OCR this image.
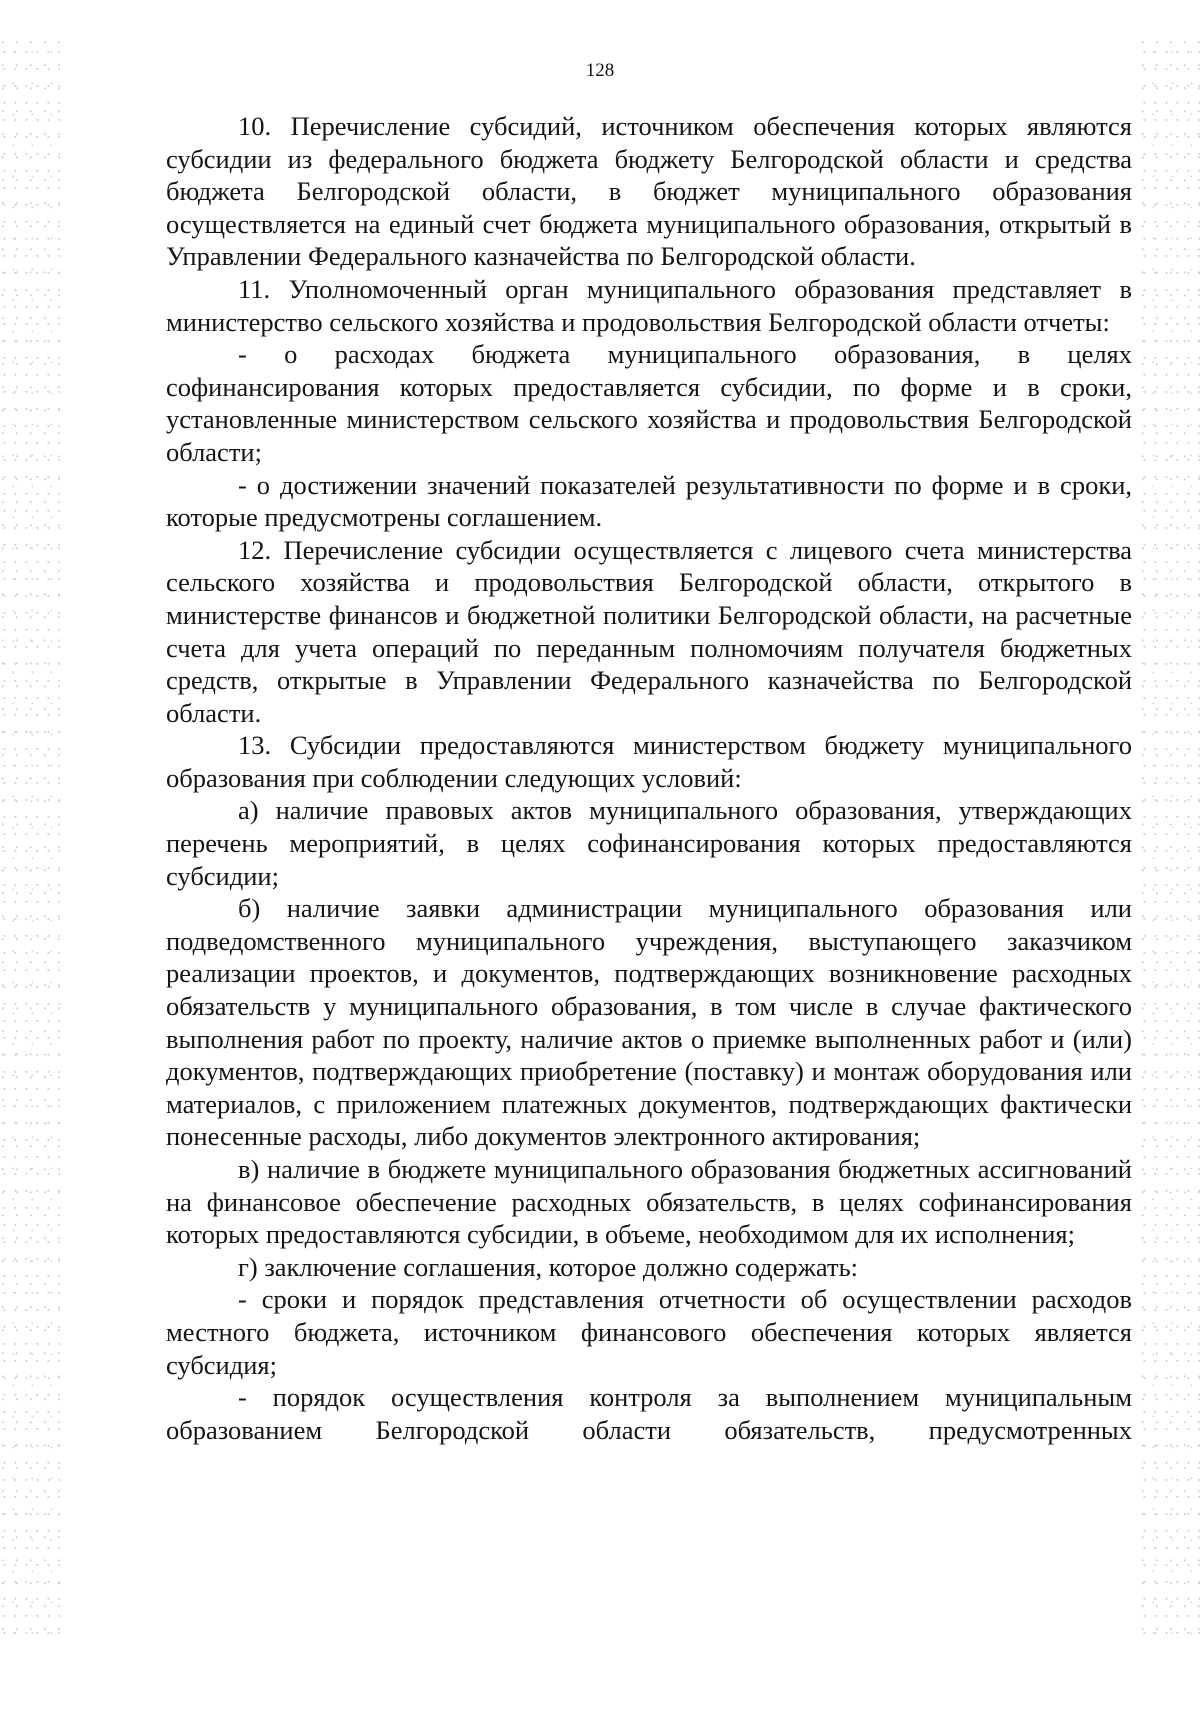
128

10. Перечисление субсидий, источником обеспечения которых являются субсидии из федерального бюджета бюджету Белгородской области и средства бюджета Белгородской области, в бюджет муниципального образования осуществляется на единый счет бюджета муниципального образования, открытый в Управлении Федерального казначейства по Белгородской области.

11. Уполномоченный орган муниципального образования представляет в министерство сельского хозяйства и продовольствия Белгородской области отчеты:

- о расходах бюджета муниципального образования, в целях софинансирования которых предоставляется субсидии, по форме и в сроки, установленные министерством сельского хозяйства и продовольствия Белгородской области;

- о достижении значений показателей результативности по форме и в сроки, которые предусмотрены соглашением.

12. Перечисление субсидии осуществляется с лицевого счета министерства сельского хозяйства и продовольствия Белгородской области, открытого в министерстве финансов и бюджетной политики Белгородской области, на расчетные счета для учета операций по переданным полномочиям получателя бюджетных средств, открытые в Управлении Федерального казначейства по Белгородской области.

13. Субсидии предоставляются министерством бюджету муниципального образования при соблюдении следующих условий:

а) наличие правовых актов муниципального образования, утверждающих перечень мероприятий, в целях софинансирования которых предоставляются субсидии;

б) наличие заявки администрации муниципального образования или подведомственного муниципального учреждения, выступающего заказчиком реализации проектов, и документов, подтверждающих возникновение расходных обязательств у муниципального образования, в том числе в случае фактического выполнения работ по проекту, наличие актов о приемке выполненных работ и (или) документов, подтверждающих приобретение (поставку) и монтаж оборудования или материалов, с приложением платежных документов, подтверждающих фактически понесенные расходы, либо документов электронного актирования;

в) наличие в бюджете муниципального образования бюджетных ассигнований на финансовое обеспечение расходных обязательств, в целях софинансирования которых предоставляются субсидии, в объеме, необходимом для их исполнения;

г) заключение соглашения, которое должно содержать:

- сроки и порядок представления отчетности об осуществлении расходов местного бюджета, источником финансового обеспечения которых является субсидия;

- порядок осуществления контроля за выполнением муниципальным образованием Белгородской области обязательств, предусмотренных
